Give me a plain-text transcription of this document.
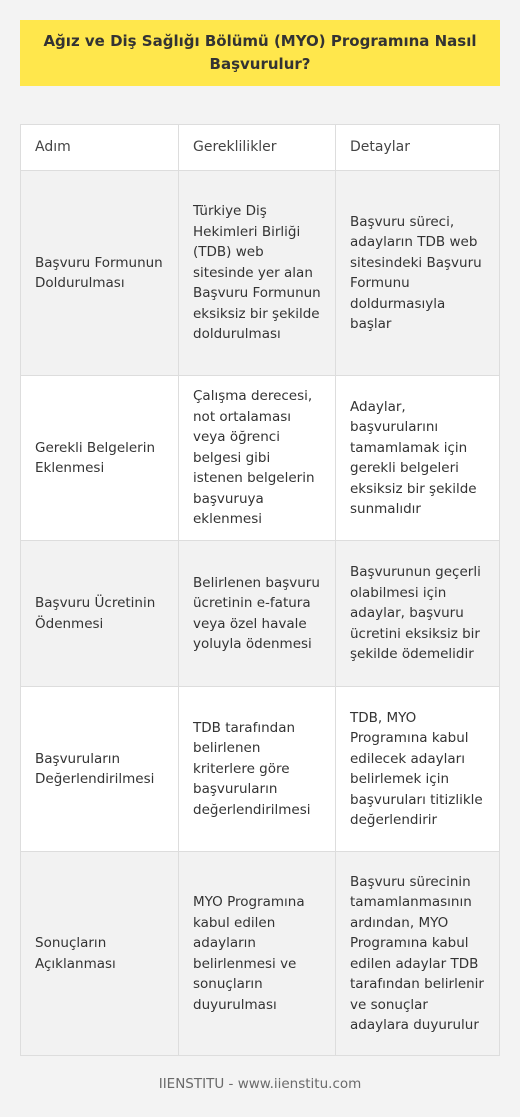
Ağız ve Diş Sağlığı Bölümü (MYO) Programına Nasıl Başvurulur?
Adım	Gereklilikler	Detaylar
Başvuru Formunun Doldurulması
Türkiye Diş Hekimleri Birliği (TDB) web sitesinde yer alan Başvuru Formunun eksiksiz bir şekilde doldurulması
Başvuru süreci, adayların TDB web sitesindeki Başvuru Formunu doldurmasıyla başlar
Gerekli Belgelerin Eklenmesi
Çalışma derecesi, not ortalaması veya öğrenci belgesi gibi istenen belgelerin başvuruya eklenmesi
Adaylar, başvurularını tamamlamak için gerekli belgeleri eksiksiz bir şekilde sunmalıdır
Başvuru Ücretinin Ödenmesi
Belirlenen başvuru ücretinin e-fatura veya özel havale yoluyla ödenmesi
Başvurunun geçerli olabilmesi için adaylar, başvuru ücretini eksiksiz bir şekilde ödemelidir
Başvuruların Değerlendirilmesi
TDB tarafından belirlenen kriterlere göre başvuruların değerlendirilmesi
TDB, MYO Programına kabul edilecek adayları belirlemek için başvuruları titizlikle değerlendirir
Sonuçların Açıklanması
MYO Programına kabul edilen adayların belirlenmesi ve sonuçların duyurulması
Başvuru sürecinin tamamlanmasının ardından, MYO Programına kabul edilen adaylar TDB tarafından belirlenir ve sonuçlar adaylara duyurulur
IIENSTITU - www.iienstitu.com
